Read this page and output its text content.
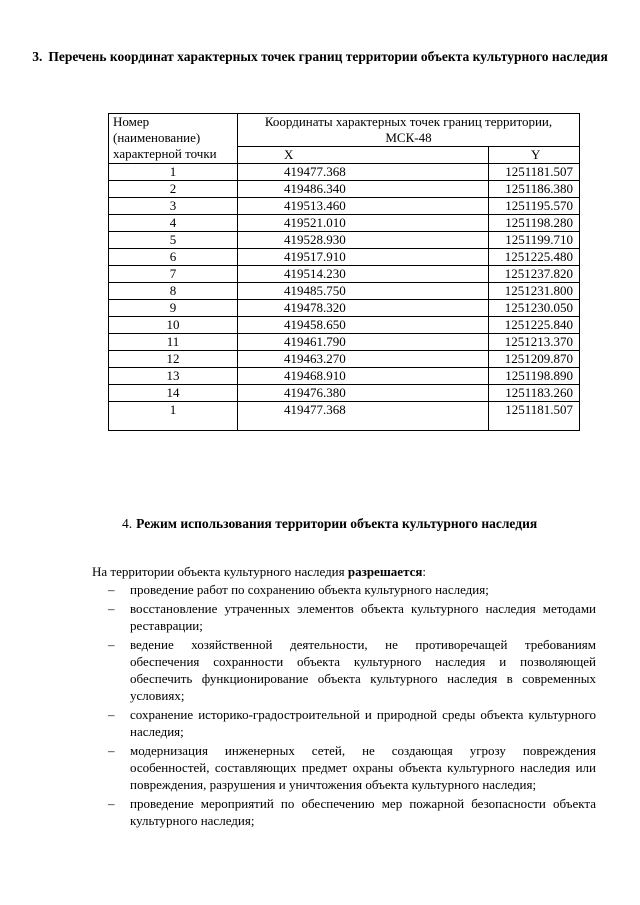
3. Перечень координат характерных точек границ территории объекта культурного наследия
Номер (наименование) характерной точки	Координаты характерных точек границ территории, МСК-48	
	X	Y
1	419477.368	1251181.507
2	419486.340	1251186.380
3	419513.460	1251195.570
4	419521.010	1251198.280
5	419528.930	1251199.710
6	419517.910	1251225.480
7	419514.230	1251237.820
8	419485.750	1251231.800
9	419478.320	1251230.050
10	419458.650	1251225.840
11	419461.790	1251213.370
12	419463.270	1251209.870
13	419468.910	1251198.890
14	419476.380	1251183.260
1	419477.368	1251181.507
4. Режим использования территории объекта культурного наследия
На территории объекта культурного наследия разрешается:
– проведение работ по сохранению объекта культурного наследия;
– восстановление утраченных элементов объекта культурного наследия методами реставрации;
– ведение хозяйственной деятельности, не противоречащей требованиям обеспечения сохранности объекта культурного наследия и позволяющей обеспечить функционирование объекта культурного наследия в современных условиях;
– сохранение историко-градостроительной и природной среды объекта культурного наследия;
– модернизация инженерных сетей, не создающая угрозу повреждения особенностей, составляющих предмет охраны объекта культурного наследия или повреждения, разрушения и уничтожения объекта культурного наследия;
– проведение мероприятий по обеспечению мер пожарной безопасности объекта культурного наследия;
